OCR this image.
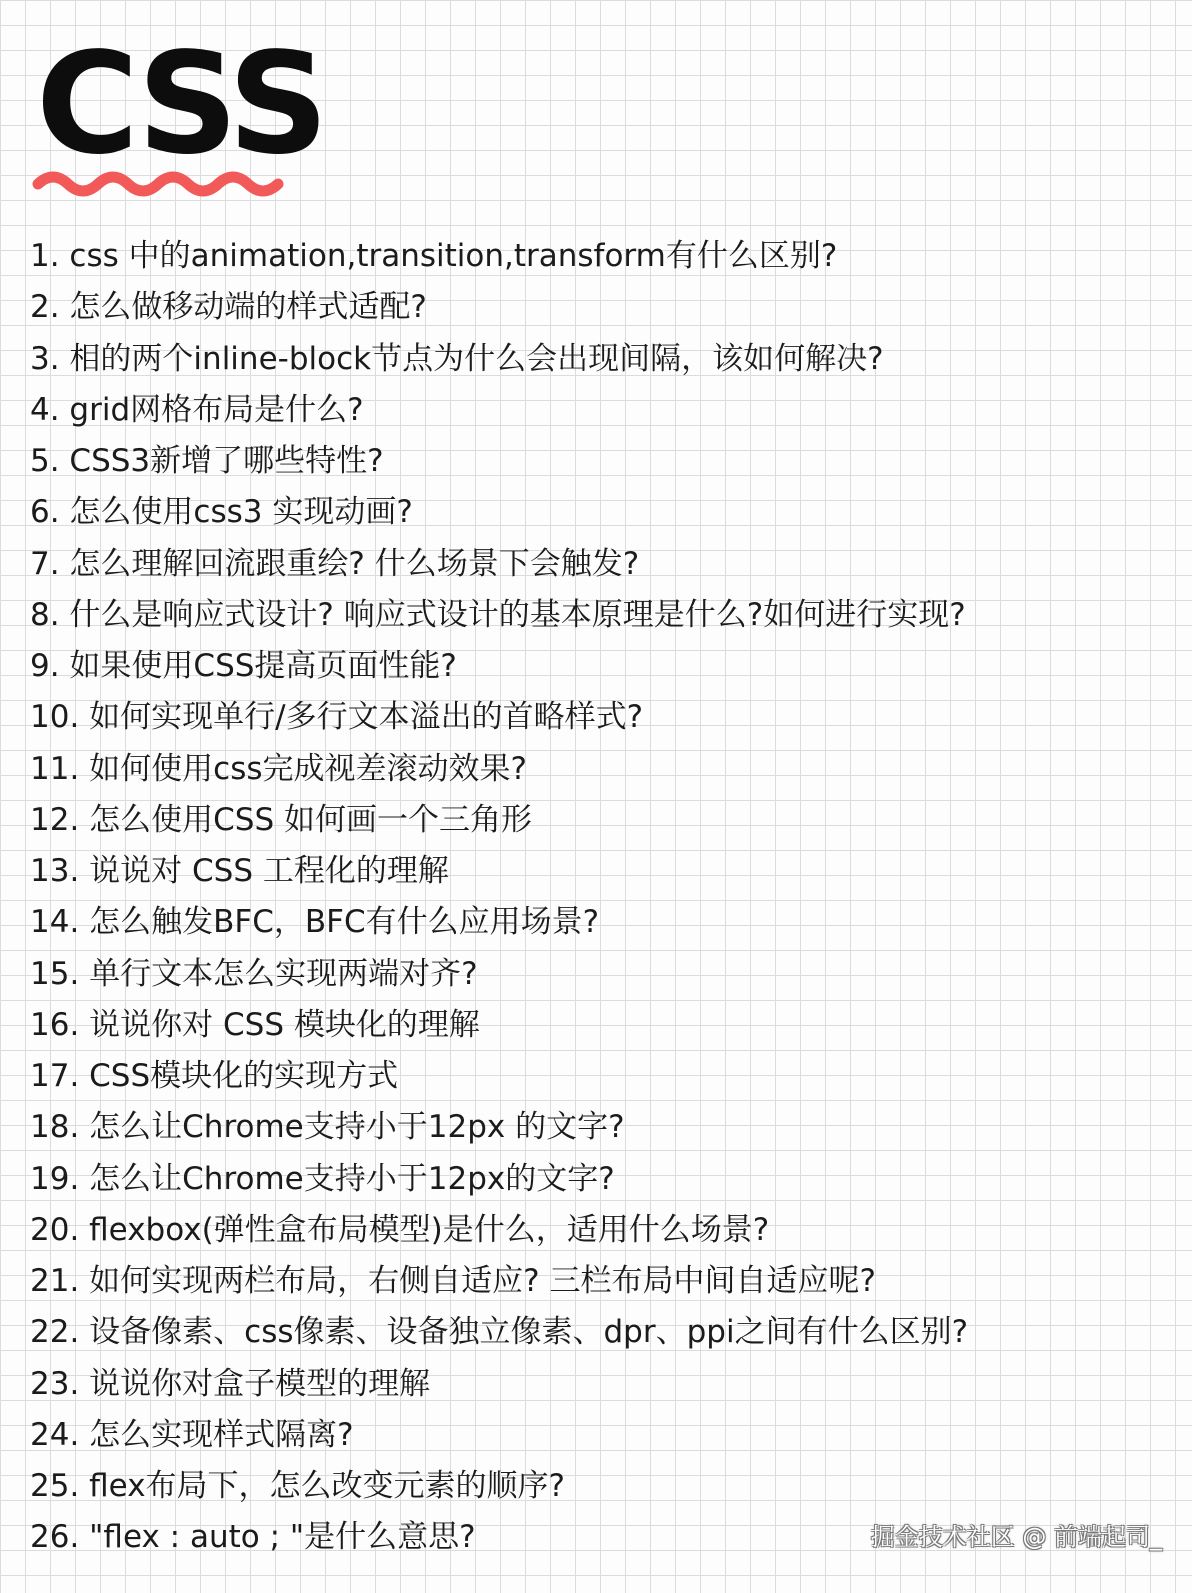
CSS
1. css 中的animation,transition,transform有什么区别?
2. 怎么做移动端的样式适配?
3. 相的两个inline-block节点为什么会出现间隔，该如何解决?
4. grid网格布局是什么?
5. CSS3新增了哪些特性?
6. 怎么使用css3 实现动画?
7. 怎么理解回流跟重绘? 什么场景下会触发?
8. 什么是响应式设计? 响应式设计的基本原理是什么?如何进行实现?
9. 如果使用CSS提高页面性能?
10. 如何实现单行/多行文本溢出的首略样式?
11. 如何使用css完成视差滚动效果?
12. 怎么使用CSS 如何画一个三角形
13. 说说对 CSS 工程化的理解
14. 怎么触发BFC，BFC有什么应用场景?
15. 单行文本怎么实现两端对齐?
16. 说说你对 CSS 模块化的理解
17. CSS模块化的实现方式
18. 怎么让Chrome支持小于12px 的文字?
19. 怎么让Chrome支持小于12px的文字?
20. flexbox(弹性盒布局模型)是什么，适用什么场景?
21. 如何实现两栏布局，右侧自适应? 三栏布局中间自适应呢?
22. 设备像素、css像素、设备独立像素、dpr、ppi之间有什么区别?
23. 说说你对盒子模型的理解
24. 怎么实现样式隔离?
25. flex布局下，怎么改变元素的顺序?
26. "flex : auto ; "是什么意思?	掘金技术社区 @ 前端起司_
